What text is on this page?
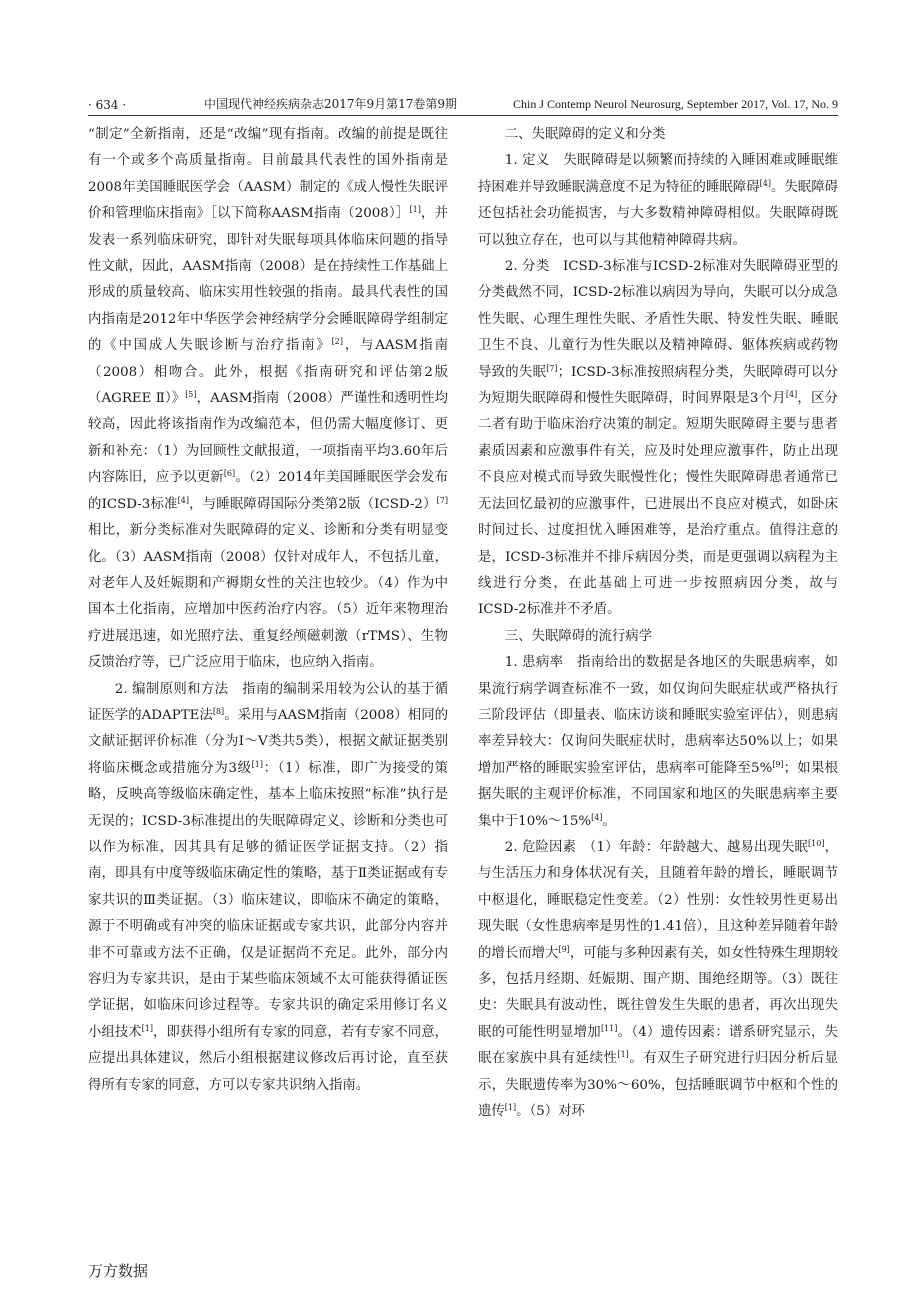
· 634 ·	中国现代神经疾病杂志2017年9月第17卷第9期	Chin J Contemp Neurol Neurosurg, September 2017, Vol. 17, No. 9

“制定”全新指南，还是“改编”现有指南。改编的前提是既往有一个或多个高质量指南。目前最具代表性的国外指南是2008年美国睡眠医学会（AASM）制定的《成人慢性失眠评价和管理临床指南》［以下简称AASM指南（2008）］[1]，并发表一系列临床研究，即针对失眠每项具体临床问题的指导性文献，因此，AASM指南（2008）是在持续性工作基础上形成的质量较高、临床实用性较强的指南。最具代表性的国内指南是2012年中华医学会神经病学分会睡眠障碍学组制定的《中国成人失眠诊断与治疗指南》[2]，与AASM指南（2008）相吻合。此外，根据《指南研究和评估第2版（AGREE Ⅱ）》[5]，AASM指南（2008）严谨性和透明性均较高，因此将该指南作为改编范本，但仍需大幅度修订、更新和补充：（1）为回顾性文献报道，一项指南平均3.60年后内容陈旧，应予以更新[6]。（2）2014年美国睡眠医学会发布的ICSD-3标准[4]，与睡眠障碍国际分类第2版（ICSD-2）[7]相比，新分类标准对失眠障碍的定义、诊断和分类有明显变化。（3）AASM指南（2008）仅针对成年人，不包括儿童，对老年人及妊娠期和产褥期女性的关注也较少。（4）作为中国本土化指南，应增加中医药治疗内容。（5）近年来物理治疗进展迅速，如光照疗法、重复经颅磁刺激（rTMS）、生物反馈治疗等，已广泛应用于临床，也应纳入指南。

2. 编制原则和方法　指南的编制采用较为公认的基于循证医学的ADAPTE法[8]。采用与AASM指南（2008）相同的文献证据评价标准（分为Ⅰ～Ⅴ类共5类），根据文献证据类别将临床概念或措施分为3级[1]：（1）标准，即广为接受的策略，反映高等级临床确定性，基本上临床按照“标准”执行是无误的；ICSD-3标准提出的失眠障碍定义、诊断和分类也可以作为标准，因其具有足够的循证医学证据支持。（2）指南，即具有中度等级临床确定性的策略，基于Ⅱ类证据或有专家共识的Ⅲ类证据。（3）临床建议，即临床不确定的策略，源于不明确或有冲突的临床证据或专家共识，此部分内容并非不可靠或方法不正确，仅是证据尚不充足。此外，部分内容归为专家共识，是由于某些临床领域不太可能获得循证医学证据，如临床问诊过程等。专家共识的确定采用修订名义小组技术[1]，即获得小组所有专家的同意，若有专家不同意，应提出具体建议，然后小组根据建议修改后再讨论，直至获得所有专家的同意，方可以专家共识纳入指南。

二、失眠障碍的定义和分类

1. 定义　失眠障碍是以频繁而持续的入睡困难或睡眠维持困难并导致睡眠满意度不足为特征的睡眠障碍[4]。失眠障碍还包括社会功能损害，与大多数精神障碍相似。失眠障碍既可以独立存在，也可以与其他精神障碍共病。

2. 分类　ICSD-3标准与ICSD-2标准对失眠障碍亚型的分类截然不同，ICSD-2标准以病因为导向，失眠可以分成急性失眠、心理生理性失眠、矛盾性失眠、特发性失眠、睡眠卫生不良、儿童行为性失眠以及精神障碍、躯体疾病或药物导致的失眠[7]；ICSD-3标准按照病程分类，失眠障碍可以分为短期失眠障碍和慢性失眠障碍，时间界限是3个月[4]，区分二者有助于临床治疗决策的制定。短期失眠障碍主要与患者素质因素和应激事件有关，应及时处理应激事件，防止出现不良应对模式而导致失眠慢性化；慢性失眠障碍患者通常已无法回忆最初的应激事件，已进展出不良应对模式，如卧床时间过长、过度担忧入睡困难等，是治疗重点。值得注意的是，ICSD-3标准并不排斥病因分类，而是更强调以病程为主线进行分类，在此基础上可进一步按照病因分类，故与ICSD-2标准并不矛盾。

三、失眠障碍的流行病学

1. 患病率　指南给出的数据是各地区的失眠患病率，如果流行病学调查标准不一致，如仅询问失眠症状或严格执行三阶段评估（即量表、临床访谈和睡眠实验室评估），则患病率差异较大：仅询问失眠症状时，患病率达50%以上；如果增加严格的睡眠实验室评估，患病率可能降至5%[9]；如果根据失眠的主观评价标准，不同国家和地区的失眠患病率主要集中于10%～15%[4]。

2. 危险因素　（1）年龄：年龄越大、越易出现失眠[10]，与生活压力和身体状况有关，且随着年龄的增长，睡眠调节中枢退化，睡眠稳定性变差。（2）性别：女性较男性更易出现失眠（女性患病率是男性的1.41倍），且这种差异随着年龄的增长而增大[9]，可能与多种因素有关，如女性特殊生理期较多，包括月经期、妊娠期、围产期、围绝经期等。（3）既往史：失眠具有波动性，既往曾发生失眠的患者，再次出现失眠的可能性明显增加[11]。（4）遗传因素：谱系研究显示，失眠在家族中具有延续性[1]。有双生子研究进行归因分析后显示，失眠遗传率为30%～60%，包括睡眠调节中枢和个性的遗传[1]。（5）对环

万方数据
